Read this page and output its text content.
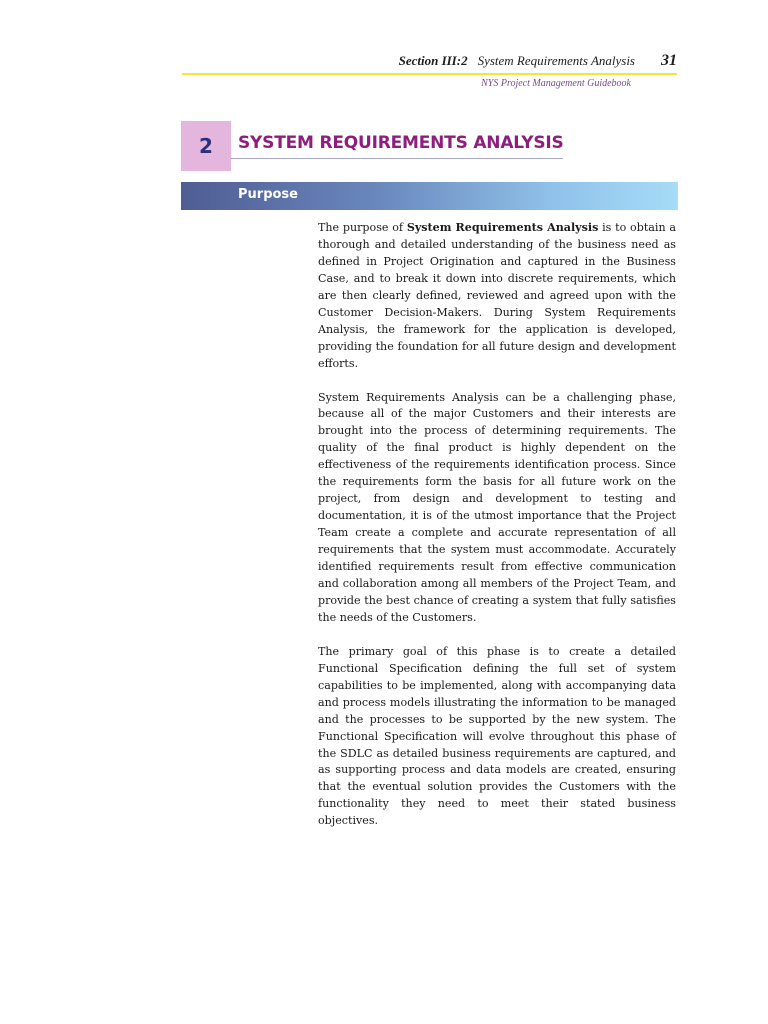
Section III:2 System Requirements Analysis 31
NYS Project Management Guidebook
2	SYSTEM REQUIREMENTS ANALYSIS
Purpose

The purpose of System Requirements Analysis is to obtain a thorough and detailed understanding of the business need as defined in Project Origination and captured in the Business Case, and to break it down into discrete requirements, which are then clearly defined, reviewed and agreed upon with the Customer Decision-Makers. During System Requirements Analysis, the framework for the application is developed, providing the foundation for all future design and development efforts.

System Requirements Analysis can be a challenging phase, because all of the major Customers and their interests are brought into the process of determining requirements. The quality of the final product is highly dependent on the effectiveness of the requirements identification process. Since the requirements form the basis for all future work on the project, from design and development to testing and documentation, it is of the utmost importance that the Project Team create a complete and accurate representation of all requirements that the system must accommodate. Accurately identified requirements result from effective communication and collaboration among all members of the Project Team, and provide the best chance of creating a system that fully satisfies the needs of the Customers.

The primary goal of this phase is to create a detailed Functional Specification defining the full set of system capabilities to be implemented, along with accompanying data and process models illustrating the information to be managed and the processes to be supported by the new system. The Functional Specification will evolve throughout this phase of the SDLC as detailed business requirements are captured, and as supporting process and data models are created, ensuring that the eventual solution provides the Customers with the functionality they need to meet their stated business objectives.
